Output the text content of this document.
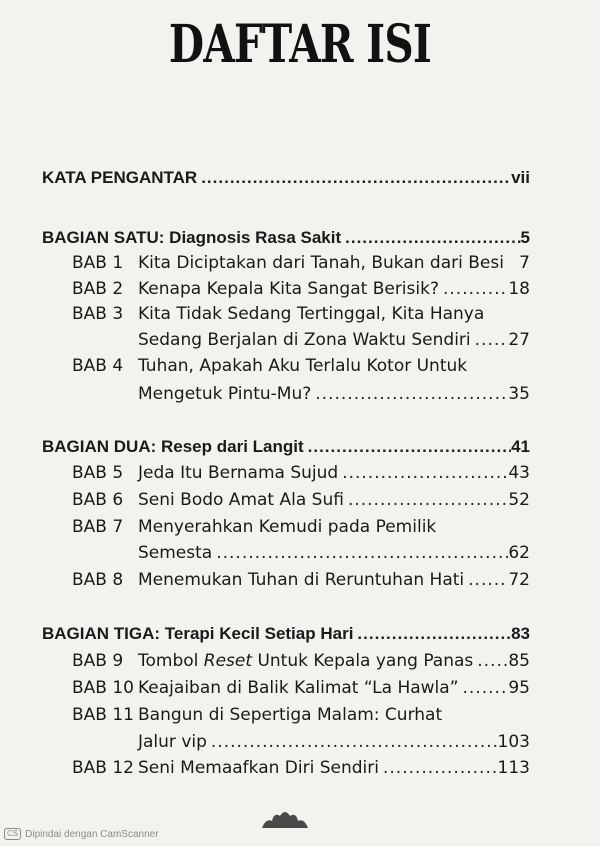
DAFTAR ISI
KATA PENGANTAR .....	vii
BAGIAN SATU: Diagnosis Rasa Sakit .....	5
BAB 1 Kita Diciptakan dari Tanah, Bukan dari Besi 7
BAB 2 Kenapa Kepala Kita Sangat Berisik? .....	18
BAB 3 Kita Tidak Sedang Tertinggal, Kita Hanya
Sedang Berjalan di Zona Waktu Sendiri ..... 27
BAB 4 Tuhan, Apakah Aku Terlalu Kotor Untuk
Mengetuk Pintu-Mu? .....	35
BAGIAN DUA: Resep dari Langit .....	41
BAB 5 Jeda Itu Bernama Sujud .....	43
BAB 6 Seni Bodo Amat Ala Sufi .....	52
BAB 7 Menyerahkan Kemudi pada Pemilik
Semesta .....	62
BAB 8 Menemukan Tuhan di Reruntuhan Hati .....	72
BAGIAN TIGA: Terapi Kecil Setiap Hari .....	83
BAB 9 Tombol Reset Untuk Kepala yang Panas ..... 85
BAB 10 Keajaiban di Balik Kalimat “La Hawla” .....	95
BAB 11 Bangun di Sepertiga Malam: Curhat
Jalur vip .....	103
BAB 12 Seni Memaafkan Diri Sendiri .....	113
CS Dipindai dengan CamScanner
